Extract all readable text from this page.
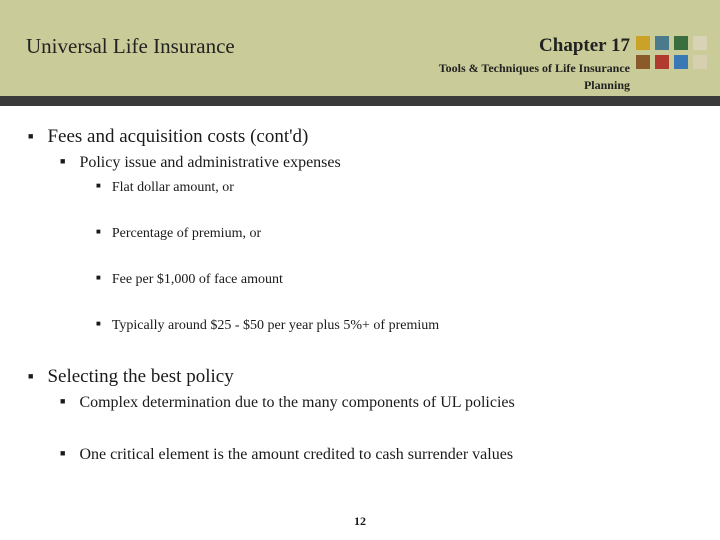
Universal Life Insurance	Chapter 17
Tools & Techniques of Life Insurance Planning
■ Fees and acquisition costs (cont'd)
■ Policy issue and administrative expenses
■ Flat dollar amount, or
■ Percentage of premium, or
■ Fee per $1,000 of face amount
■ Typically around $25 - $50 per year plus 5%+ of premium
■ Selecting the best policy
■ Complex determination due to the many components of UL policies
■ One critical element is the amount credited to cash surrender values
12
